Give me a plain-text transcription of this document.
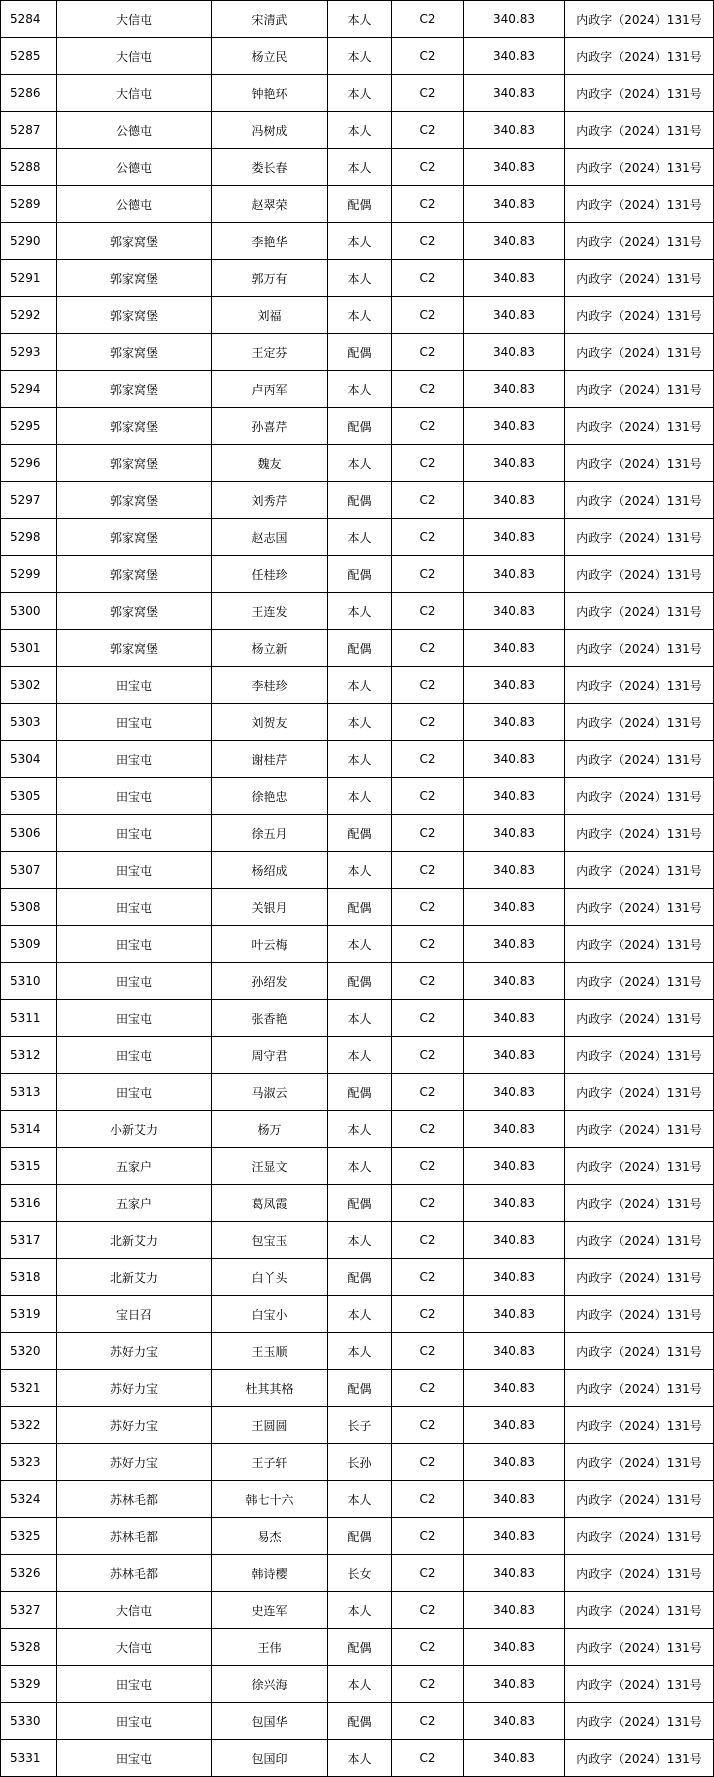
5284	大信屯	宋清武	本人	C2	340.83	内政字（2024）131号
5285	大信屯	杨立民	本人	C2	340.83	内政字（2024）131号
5286	大信屯	钟艳环	本人	C2	340.83	内政字（2024）131号
5287	公德屯	冯树成	本人	C2	340.83	内政字（2024）131号
5288	公德屯	娄长春	本人	C2	340.83	内政字（2024）131号
5289	公德屯	赵翠荣	配偶	C2	340.83	内政字（2024）131号
5290	郭家窝堡	李艳华	本人	C2	340.83	内政字（2024）131号
5291	郭家窝堡	郭万有	本人	C2	340.83	内政字（2024）131号
5292	郭家窝堡	刘福	本人	C2	340.83	内政字（2024）131号
5293	郭家窝堡	王定芬	配偶	C2	340.83	内政字（2024）131号
5294	郭家窝堡	卢丙军	本人	C2	340.83	内政字（2024）131号
5295	郭家窝堡	孙喜芹	配偶	C2	340.83	内政字（2024）131号
5296	郭家窝堡	魏友	本人	C2	340.83	内政字（2024）131号
5297	郭家窝堡	刘秀芹	配偶	C2	340.83	内政字（2024）131号
5298	郭家窝堡	赵志国	本人	C2	340.83	内政字（2024）131号
5299	郭家窝堡	任桂珍	配偶	C2	340.83	内政字（2024）131号
5300	郭家窝堡	王连发	本人	C2	340.83	内政字（2024）131号
5301	郭家窝堡	杨立新	配偶	C2	340.83	内政字（2024）131号
5302	田宝屯	李桂珍	本人	C2	340.83	内政字（2024）131号
5303	田宝屯	刘贺友	本人	C2	340.83	内政字（2024）131号
5304	田宝屯	谢桂芹	本人	C2	340.83	内政字（2024）131号
5305	田宝屯	徐艳忠	本人	C2	340.83	内政字（2024）131号
5306	田宝屯	徐五月	配偶	C2	340.83	内政字（2024）131号
5307	田宝屯	杨绍成	本人	C2	340.83	内政字（2024）131号
5308	田宝屯	关银月	配偶	C2	340.83	内政字（2024）131号
5309	田宝屯	叶云梅	本人	C2	340.83	内政字（2024）131号
5310	田宝屯	孙绍发	配偶	C2	340.83	内政字（2024）131号
5311	田宝屯	张香艳	本人	C2	340.83	内政字（2024）131号
5312	田宝屯	周守君	本人	C2	340.83	内政字（2024）131号
5313	田宝屯	马淑云	配偶	C2	340.83	内政字（2024）131号
5314	小新艾力	杨万	本人	C2	340.83	内政字（2024）131号
5315	五家户	汪显文	本人	C2	340.83	内政字（2024）131号
5316	五家户	葛凤霞	配偶	C2	340.83	内政字（2024）131号
5317	北新艾力	包宝玉	本人	C2	340.83	内政字（2024）131号
5318	北新艾力	白丫头	配偶	C2	340.83	内政字（2024）131号
5319	宝日召	白宝小	本人	C2	340.83	内政字（2024）131号
5320	苏好力宝	王玉顺	本人	C2	340.83	内政字（2024）131号
5321	苏好力宝	杜其其格	配偶	C2	340.83	内政字（2024）131号
5322	苏好力宝	王圆圆	长子	C2	340.83	内政字（2024）131号
5323	苏好力宝	王子轩	长孙	C2	340.83	内政字（2024）131号
5324	苏林毛都	韩七十六	本人	C2	340.83	内政字（2024）131号
5325	苏林毛都	易杰	配偶	C2	340.83	内政字（2024）131号
5326	苏林毛都	韩诗樱	长女	C2	340.83	内政字（2024）131号
5327	大信屯	史连军	本人	C2	340.83	内政字（2024）131号
5328	大信屯	王伟	配偶	C2	340.83	内政字（2024）131号
5329	田宝屯	徐兴海	本人	C2	340.83	内政字（2024）131号
5330	田宝屯	包国华	配偶	C2	340.83	内政字（2024）131号
5331	田宝屯	包国印	本人	C2	340.83	内政字（2024）131号
